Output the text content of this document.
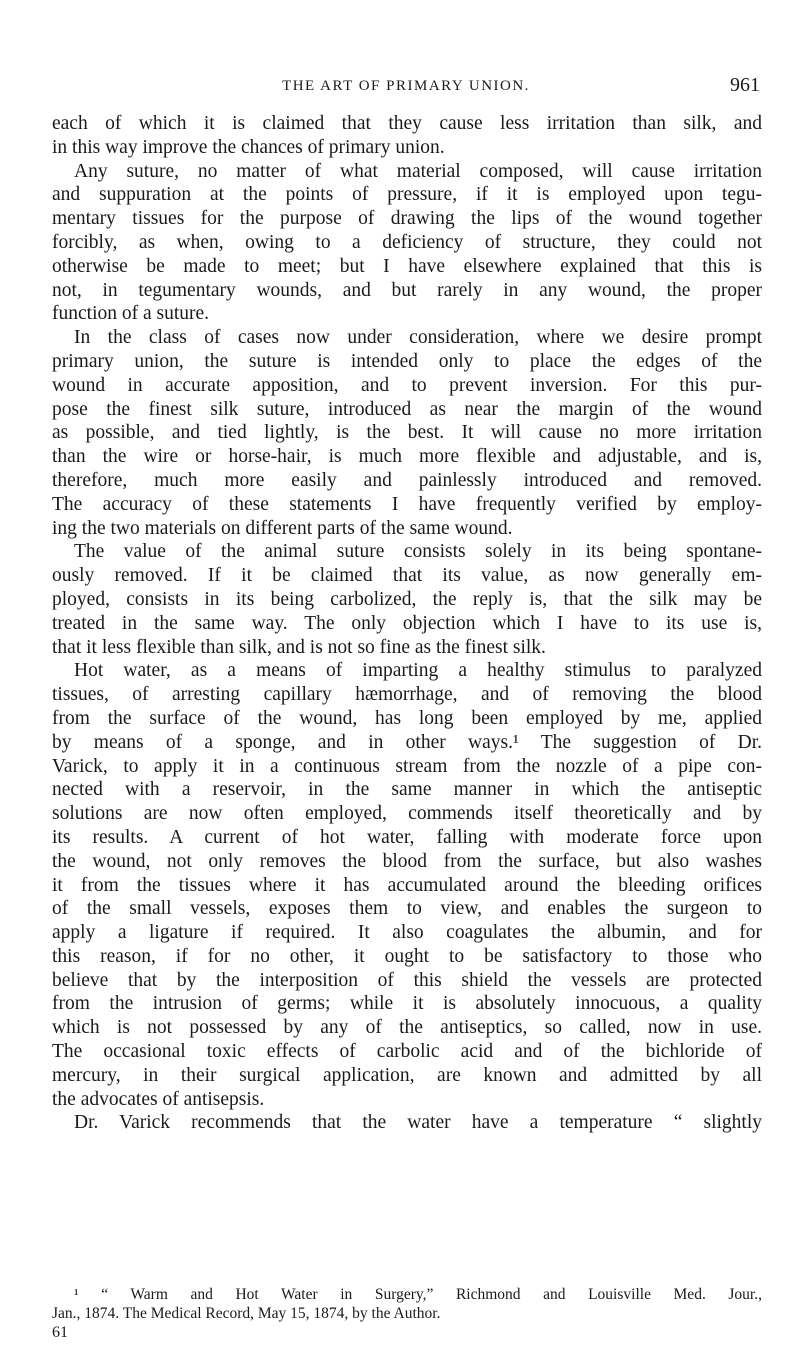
THE ART OF PRIMARY UNION.	961
each of which it is claimed that they cause less irritation than silk, and
in this way improve the chances of primary union.
Any suture, no matter of what material composed, will cause irritation
and suppuration at the points of pressure, if it is employed upon tegu-
mentary tissues for the purpose of drawing the lips of the wound together
forcibly, as when, owing to a deficiency of structure, they could not
otherwise be made to meet; but I have elsewhere explained that this is
not, in tegumentary wounds, and but rarely in any wound, the proper
function of a suture.
In the class of cases now under consideration, where we desire prompt
primary union, the suture is intended only to place the edges of the
wound in accurate apposition, and to prevent inversion. For this pur-
pose the finest silk suture, introduced as near the margin of the wound
as possible, and tied lightly, is the best. It will cause no more irritation
than the wire or horse-hair, is much more flexible and adjustable, and is,
therefore, much more easily and painlessly introduced and removed.
The accuracy of these statements I have frequently verified by employ-
ing the two materials on different parts of the same wound.
The value of the animal suture consists solely in its being spontane-
ously removed. If it be claimed that its value, as now generally em-
ployed, consists in its being carbolized, the reply is, that the silk may be
treated in the same way. The only objection which I have to its use is,
that it less flexible than silk, and is not so fine as the finest silk.
Hot water, as a means of imparting a healthy stimulus to paralyzed
tissues, of arresting capillary hæmorrhage, and of removing the blood
from the surface of the wound, has long been employed by me, applied
by means of a sponge, and in other ways.¹ The suggestion of Dr.
Varick, to apply it in a continuous stream from the nozzle of a pipe con-
nected with a reservoir, in the same manner in which the antiseptic
solutions are now often employed, commends itself theoretically and by
its results. A current of hot water, falling with moderate force upon
the wound, not only removes the blood from the surface, but also washes
it from the tissues where it has accumulated around the bleeding orifices
of the small vessels, exposes them to view, and enables the surgeon to
apply a ligature if required. It also coagulates the albumin, and for
this reason, if for no other, it ought to be satisfactory to those who
believe that by the interposition of this shield the vessels are protected
from the intrusion of germs; while it is absolutely innocuous, a quality
which is not possessed by any of the antiseptics, so called, now in use.
The occasional toxic effects of carbolic acid and of the bichloride of
mercury, in their surgical application, are known and admitted by all
the advocates of antisepsis.
Dr. Varick recommends that the water have a temperature “ slightly
¹ “ Warm and Hot Water in Surgery,” Richmond and Louisville Med. Jour.,
Jan., 1874. The Medical Record, May 15, 1874, by the Author.
61
